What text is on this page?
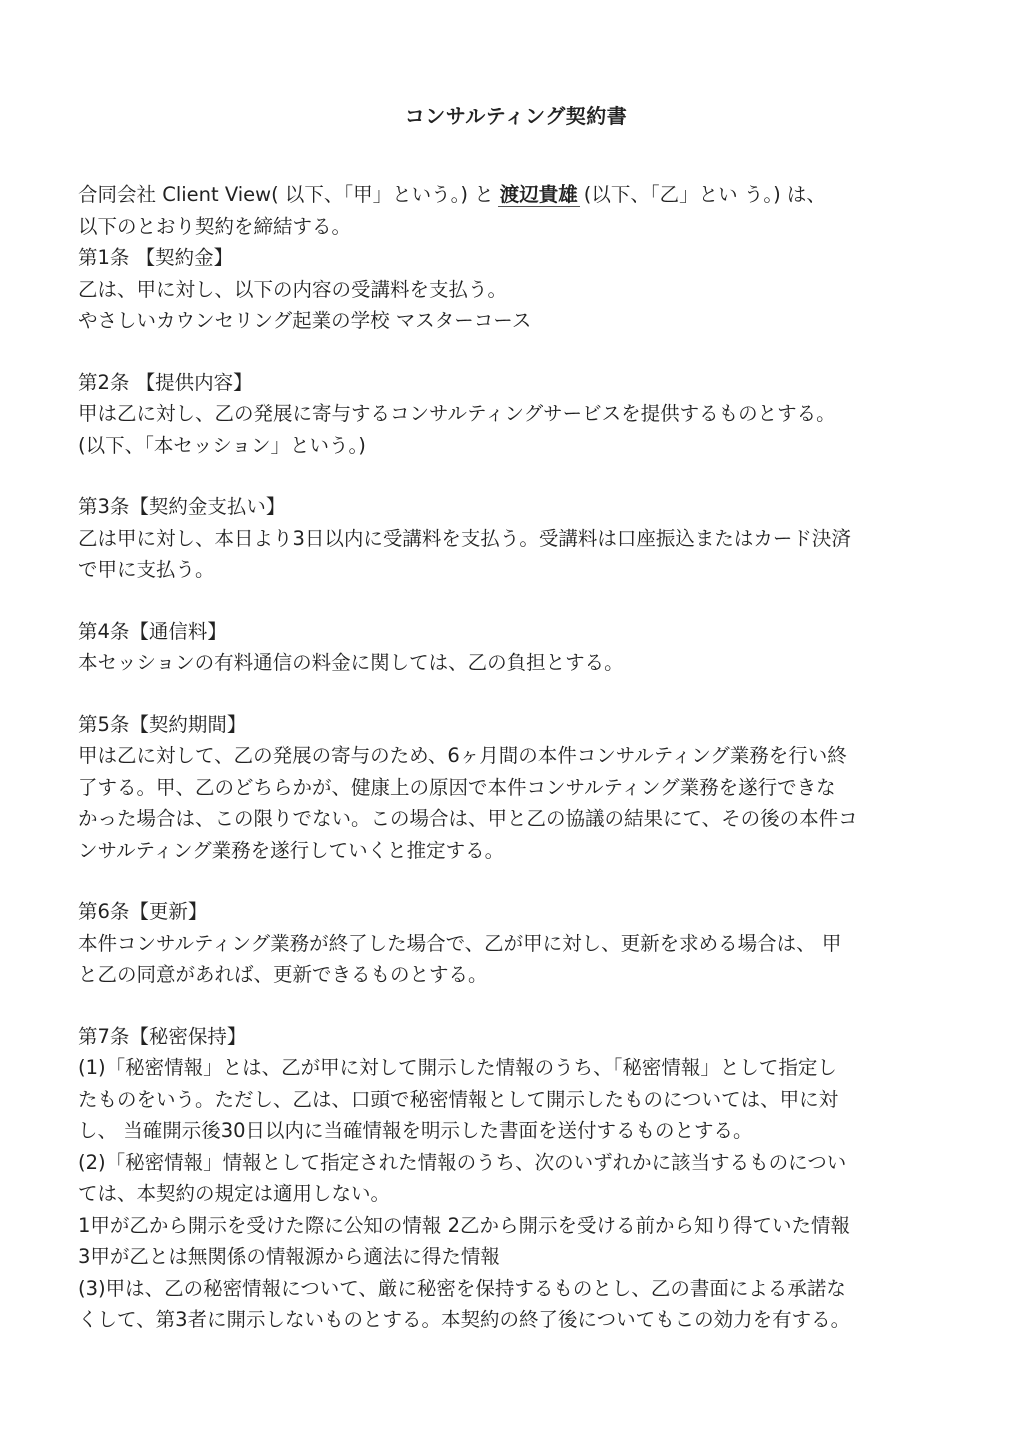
コンサルティング契約書
合同会社 Client View( 以下、「甲」という。) と 渡辺貴雄 (以下、「乙」とい う。) は、
以下のとおり契約を締結する。
第1条 【契約金】
乙は、甲に対し、以下の内容の受講料を支払う。
やさしいカウンセリング起業の学校 マスターコース
第2条 【提供内容】
甲は乙に対し、乙の発展に寄与するコンサルティングサービスを提供するものとする。
(以下、「本セッション」という。)
第3条【契約金支払い】
乙は甲に対し、本日より3日以内に受講料を支払う。受講料は口座振込またはカード決済
で甲に支払う。
第4条【通信料】
本セッションの有料通信の料金に関しては、乙の負担とする。
第5条【契約期間】
甲は乙に対して、乙の発展の寄与のため、6ヶ月間の本件コンサルティング業務を行い終
了する。甲、乙のどちらかが、健康上の原因で本件コンサルティング業務を遂行できな
かった場合は、この限りでない。この場合は、甲と乙の協議の結果にて、その後の本件コ
ンサルティング業務を遂行していくと推定する。
第6条【更新】
本件コンサルティング業務が終了した場合で、乙が甲に対し、更新を求める場合は、 甲
と乙の同意があれば、更新できるものとする。
第7条【秘密保持】
(1)「秘密情報」とは、乙が甲に対して開示した情報のうち、「秘密情報」として指定し
たものをいう。ただし、乙は、口頭で秘密情報として開示したものについては、甲に対
し、 当確開示後30日以内に当確情報を明示した書面を送付するものとする。
(2)「秘密情報」情報として指定された情報のうち、次のいずれかに該当するものについ
ては、本契約の規定は適用しない。
1甲が乙から開示を受けた際に公知の情報 2乙から開示を受ける前から知り得ていた情報
3甲が乙とは無関係の情報源から適法に得た情報
(3)甲は、乙の秘密情報について、厳に秘密を保持するものとし、乙の書面による承諾な
くして、第3者に開示しないものとする。本契約の終了後についてもこの効力を有する。
